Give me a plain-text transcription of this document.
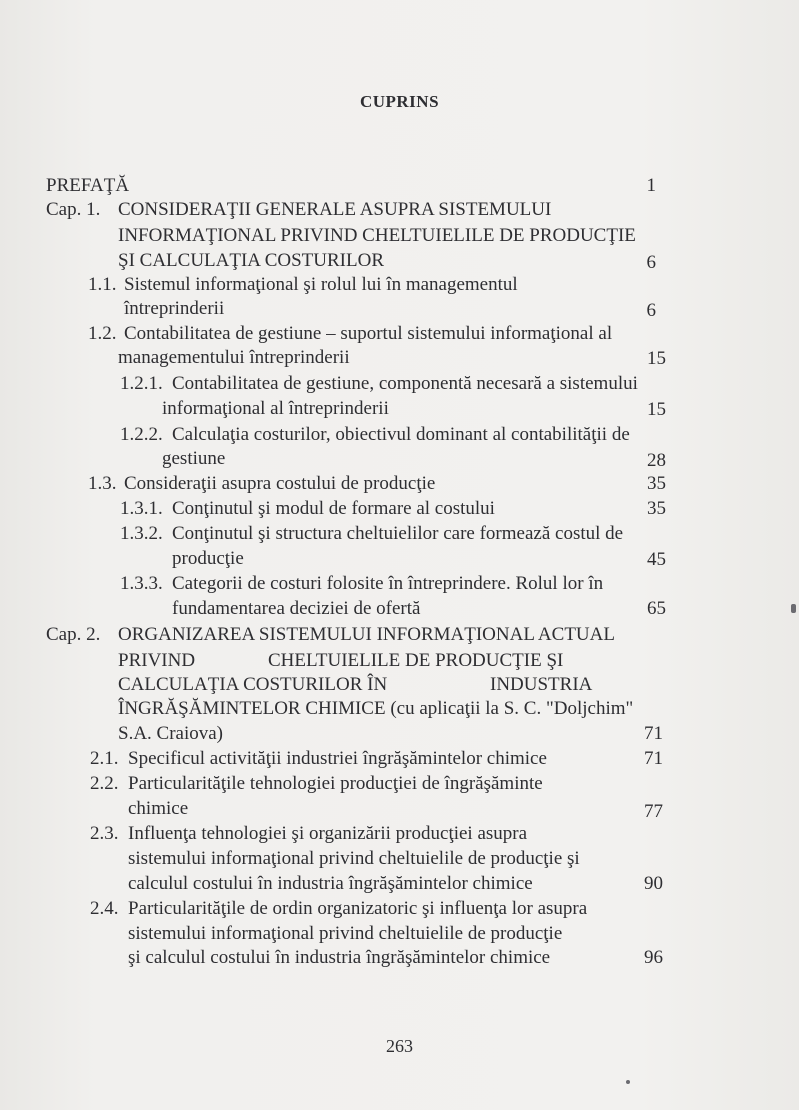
CUPRINS
PREFAŢĂ	1
Cap. 1. CONSIDERAŢII GENERALE ASUPRA SISTEMULUI
INFORMAŢIONAL PRIVIND CHELTUIELILE DE PRODUCŢIE
ŞI CALCULAŢIA COSTURILOR	6
1.1. Sistemul informaţional şi rolul lui în managementul
întreprinderii	6
1.2. Contabilitatea de gestiune – suportul sistemului informaţional al
managementului întreprinderii	15
1.2.1. Contabilitatea de gestiune, componentă necesară a sistemului
informaţional al întreprinderii	15
1.2.2. Calculaţia costurilor, obiectivul dominant al contabilităţii de
gestiune	28
1.3. Consideraţii asupra costului de producţie	35
1.3.1. Conţinutul şi modul de formare al costului	35
1.3.2. Conţinutul şi structura cheltuielilor care formează costul de
producţie	45
1.3.3. Categorii de costuri folosite în întreprindere. Rolul lor în
fundamentarea deciziei de ofertă	65
Cap. 2. ORGANIZAREA SISTEMULUI INFORMAŢIONAL ACTUAL
PRIVIND	CHELTUIELILE DE PRODUCŢIE ŞI
CALCULAŢIA COSTURILOR ÎN	INDUSTRIA
ÎNGRĂŞĂMINTELOR CHIMICE (cu aplicaţii la S. C. "Doljchim"
S.A. Craiova)	71
2.1. Specificul activităţii industriei îngrăşămintelor chimice	71
2.2. Particularităţile tehnologiei producţiei de îngrăşăminte
chimice	77
2.3. Influenţa tehnologiei şi organizării producţiei asupra
sistemului informaţional privind cheltuielile de producţie şi
calculul costului în industria îngrăşămintelor chimice	90
2.4. Particularităţile de ordin organizatoric şi influenţa lor asupra
sistemului informaţional privind cheltuielile de producţie
şi calculul costului în industria îngrăşămintelor chimice	96
263
